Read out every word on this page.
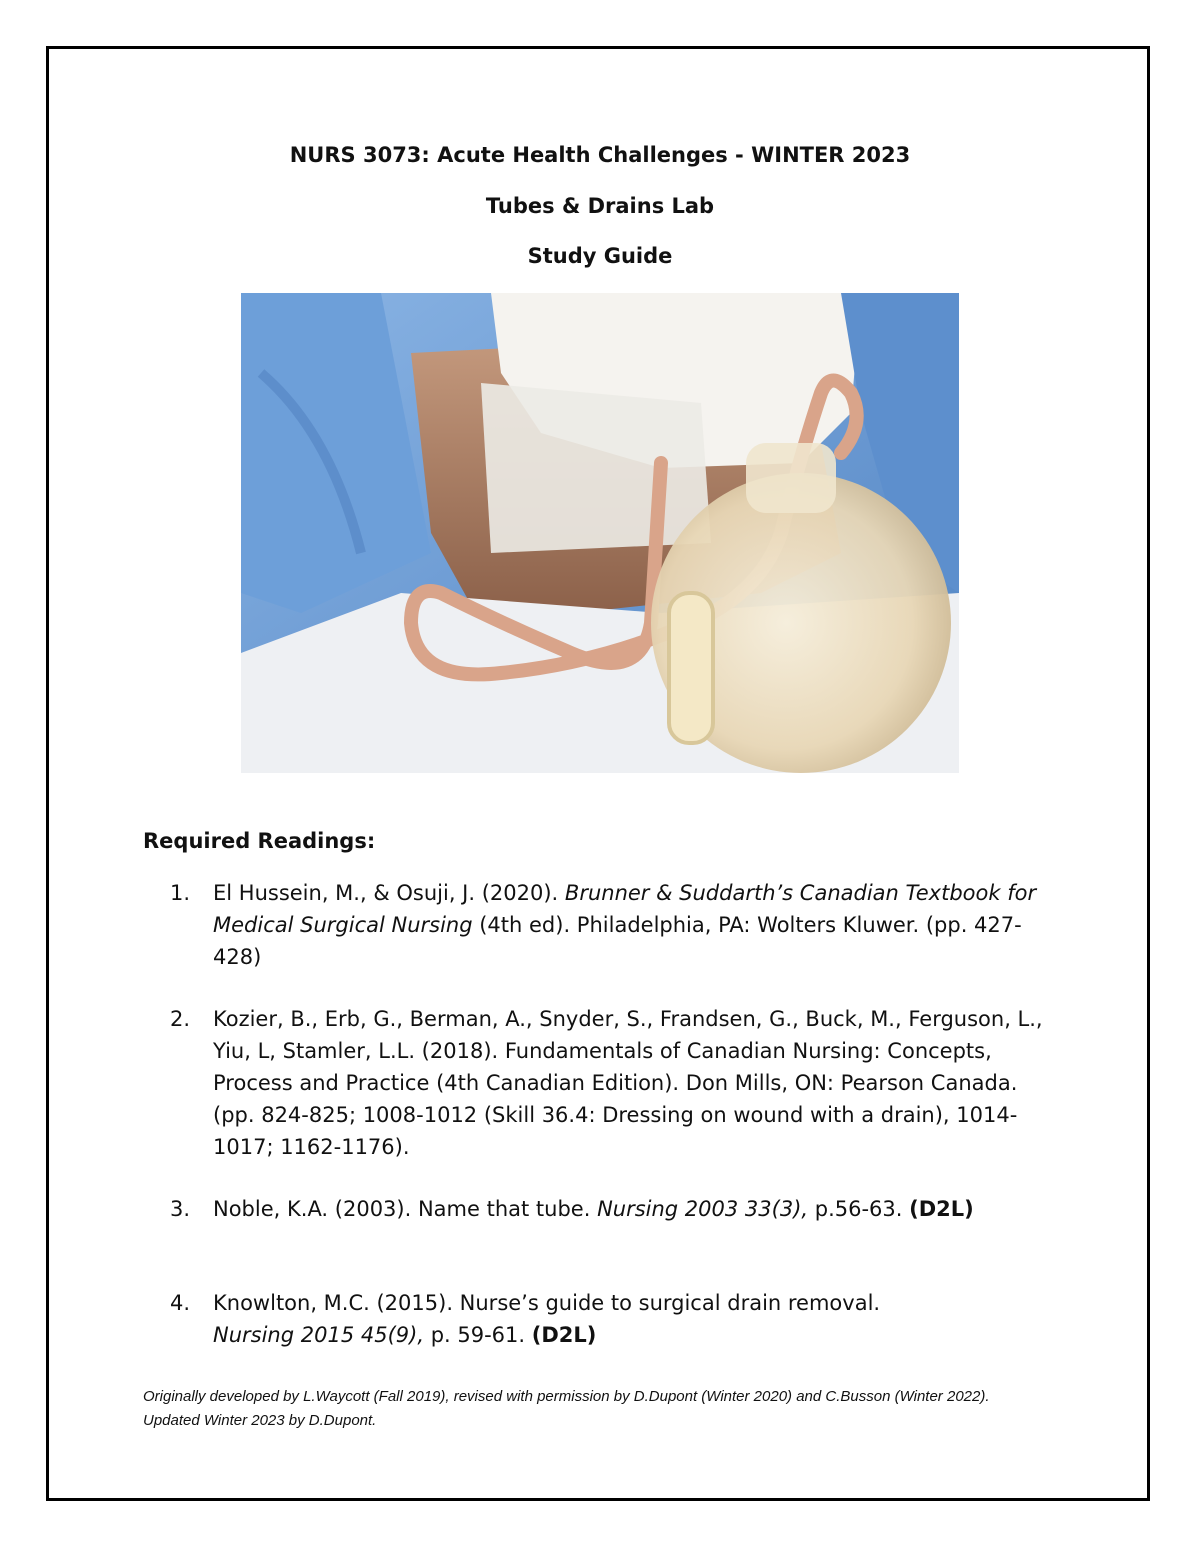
NURS 3073: Acute Health Challenges - WINTER 2023
Tubes & Drains Lab
Study Guide
Required Readings:
1. El Hussein, M., & Osuji, J. (2020). Brunner & Suddarth’s Canadian Textbook for Medical Surgical Nursing (4th ed). Philadelphia, PA: Wolters Kluwer. (pp. 427-428)
2. Kozier, B., Erb, G., Berman, A., Snyder, S., Frandsen, G., Buck, M., Ferguson, L., Yiu, L, Stamler, L.L. (2018). Fundamentals of Canadian Nursing: Concepts, Process and Practice (4th Canadian Edition). Don Mills, ON: Pearson Canada. (pp. 824-825; 1008-1012 (Skill 36.4: Dressing on wound with a drain), 1014-1017; 1162-1176).
3. Noble, K.A. (2003). Name that tube. Nursing 2003 33(3), p.56-63. (D2L)
4. Knowlton, M.C. (2015). Nurse’s guide to surgical drain removal.
Nursing 2015 45(9), p. 59-61. (D2L)
Originally developed by L.Waycott (Fall 2019), revised with permission by D.Dupont (Winter 2020) and C.Busson (Winter 2022). Updated Winter 2023 by D.Dupont.
